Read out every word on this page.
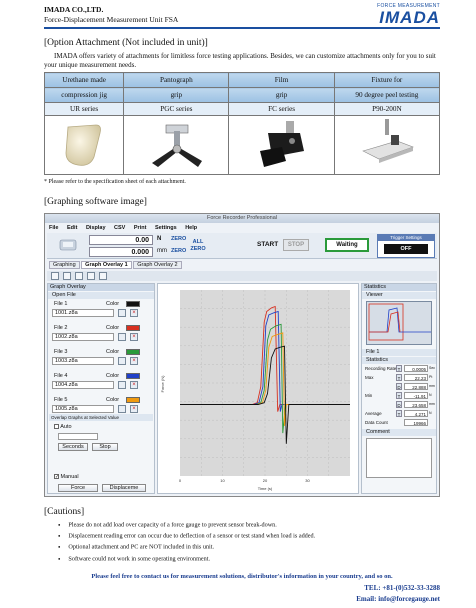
IMADA CO.,LTD.
Force-Displacement Measurement Unit FSA
FORCE MEASUREMENT
IMADA
[Option Attachment (Not included in unit)]
IMADA offers variety of attachments for limitless force testing applications. Besides, we can customize attachments only for you to suit your unique measurement needs.
Urethane made	Pantograph	Film	Fixture for
compression jig	grip	grip	90 degree peel testing
UR series	PGC series	FC series	P90-200N

* Please refer to the specification sheet of each attachment.
[Graphing software image]
Force Recorder Professional
File Edit Display CSV Print Settings Help
0.00	N
0.000	mm
ZERO
ZERO
ALL ZERO
START	STOP	Waiting
Trigger Settings
OFF
Graphing Graph Overlay 1 Graph Overlay 2
Graph Overlay
Open File
File 1	Color
1001.z8a	×
File 2	Color
1002.z8a	×
File 3	Color
1003.z8a	×
File 4	Color
1004.z8a	×
File 5	Color
1005.z8a	×
Overlap Graphs at Selected Value
Auto
Seconds	Stop
✓ Manual
Force	Displaceme
0	10	20	30
Force (N)
Time (s)
Statistics
Viewer
File 1
Statistics
Recording Rate T	0.0005 Sec
Max	T	22.23 Pt
D	22.888 mm
Min	T	-11.91 N
D	23.658 mm
Average	T	4.271 N
Data Count	19966
Comment
[Cautions]
● Please do not add load over capacity of a force gauge to prevent sensor break-down.
● Displacement reading error can occur due to deflection of a sensor or test stand when load is added.
● Optional attachment and PC are NOT included in this unit.
● Software could not work in some operating environment.
Please feel free to contact us for measurement solutions, distributor's information in your country, and so on.
TEL: +81-(0)532-33-3288
Email: info@forcegauge.net
